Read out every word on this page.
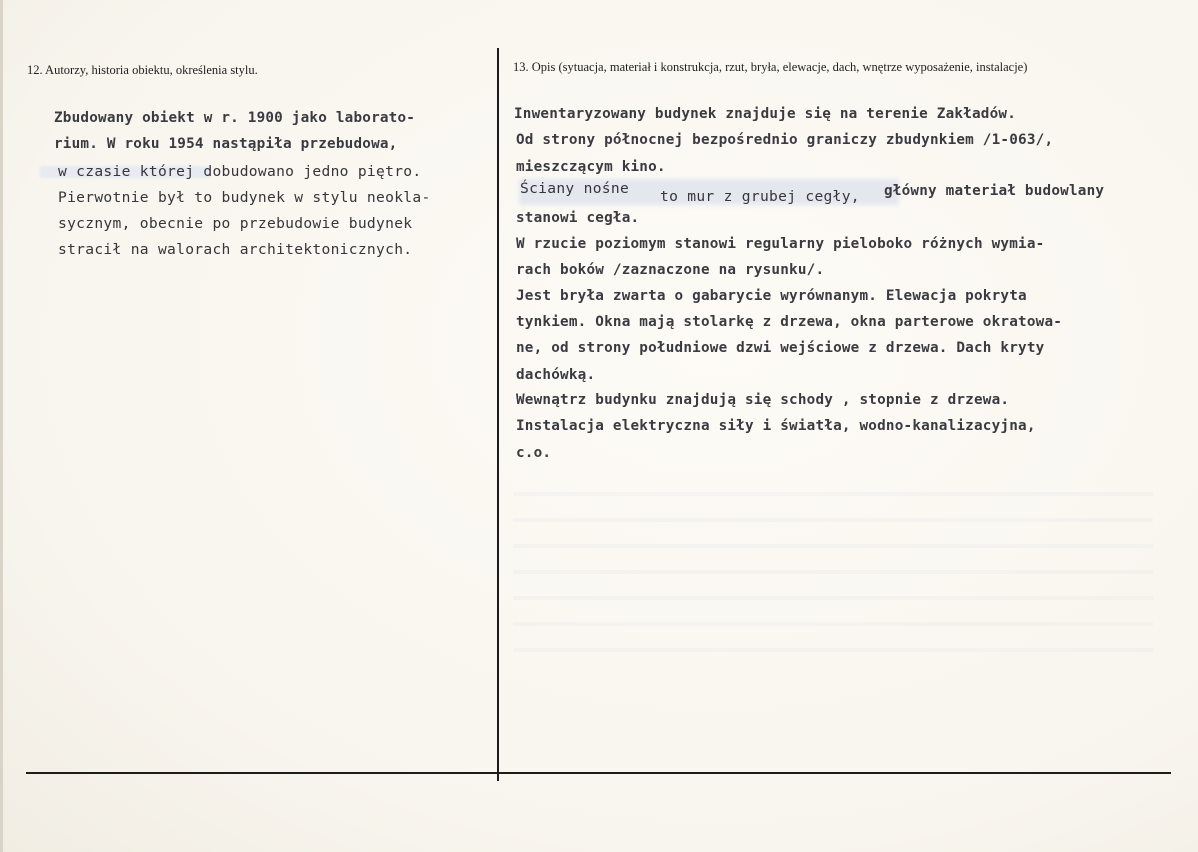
12. Autorzy, historia obiektu, określenia stylu.	13. Opis (sytuacja, materiał i konstrukcja, rzut, bryła, elewacje, dach, wnętrze wyposażenie, instalacje)
Zbudowany obiekt w r. 1900 jako laborato-
rium. W roku 1954 nastąpiła przebudowa,
w czasie której dobudowano jedno piętro.
Pierwotnie był to budynek w stylu neokla-
sycznym, obecnie po przebudowie budynek
stracił na walorach architektonicznych.
Inwentaryzowany budynek znajduje się na terenie Zakładów.
Od strony północnej bezpośrednio graniczy zbudynkiem /1-063/,
mieszczącym kino.
Ściany nośne to mur z grubej cegły, główny materiał budowlany
stanowi cegła.
W rzucie poziomym stanowi regularny pieloboko różnych wymia-
rach boków /zaznaczone na rysunku/.
Jest bryła zwarta o gabarycie wyrównanym. Elewacja pokryta
tynkiem. Okna mają stolarkę z drzewa, okna parterowe okratowa-
ne, od strony południowe dzwi wejściowe z drzewa. Dach kryty
dachówką.
Wewnątrz budynku znajdują się schody , stopnie z drzewa.
Instalacja elektryczna siły i światła, wodno-kanalizacyjna,
c.o.
